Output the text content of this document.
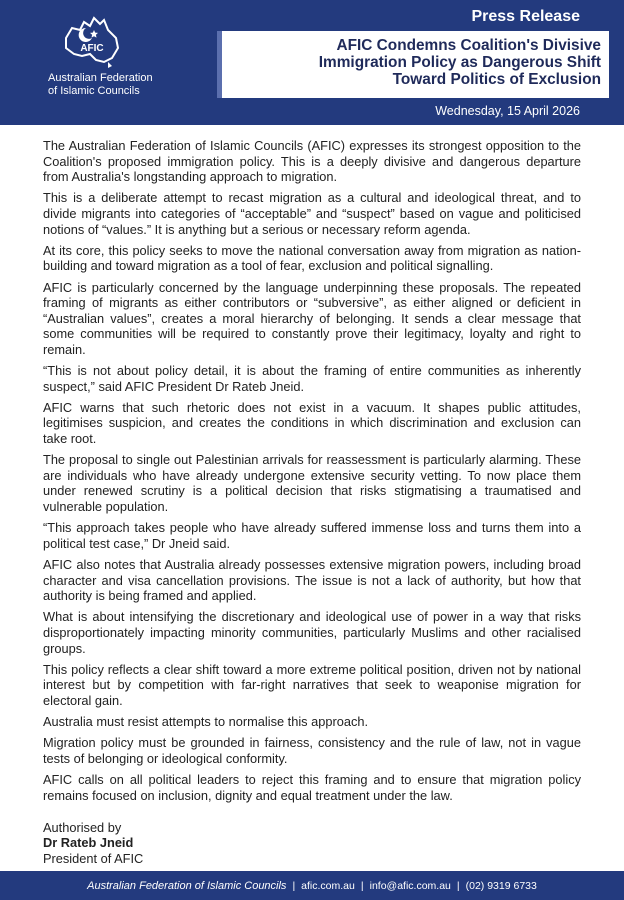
AFIC
Australian Federation
of Islamic Councils
Press Release
AFIC Condemns Coalition's Divisive
Immigration Policy as Dangerous Shift
Toward Politics of Exclusion
Wednesday, 15 April 2026

The Australian Federation of Islamic Councils (AFIC) expresses its strongest opposition to the Coalition's proposed immigration policy. This is a deeply divisive and dangerous departure from Australia's longstanding approach to migration.

This is a deliberate attempt to recast migration as a cultural and ideological threat, and to divide migrants into categories of “acceptable” and “suspect” based on vague and politicised notions of “values.” It is anything but a serious or necessary reform agenda.

At its core, this policy seeks to move the national conversation away from migration as nation-building and toward migration as a tool of fear, exclusion and political signalling.

AFIC is particularly concerned by the language underpinning these proposals. The repeated framing of migrants as either contributors or “subversive”, as either aligned or deficient in “Australian values”, creates a moral hierarchy of belonging. It sends a clear message that some communities will be required to constantly prove their legitimacy, loyalty and right to remain.

“This is not about policy detail, it is about the framing of entire communities as inherently suspect,” said AFIC President Dr Rateb Jneid.

AFIC warns that such rhetoric does not exist in a vacuum. It shapes public attitudes, legitimises suspicion, and creates the conditions in which discrimination and exclusion can take root.

The proposal to single out Palestinian arrivals for reassessment is particularly alarming. These are individuals who have already undergone extensive security vetting. To now place them under renewed scrutiny is a political decision that risks stigmatising a traumatised and vulnerable population.

“This approach takes people who have already suffered immense loss and turns them into a political test case,” Dr Jneid said.

AFIC also notes that Australia already possesses extensive migration powers, including broad character and visa cancellation provisions. The issue is not a lack of authority, but how that authority is being framed and applied.

What is about intensifying the discretionary and ideological use of power in a way that risks disproportionately impacting minority communities, particularly Muslims and other racialised groups.

This policy reflects a clear shift toward a more extreme political position, driven not by national interest but by competition with far-right narratives that seek to weaponise migration for electoral gain.

Australia must resist attempts to normalise this approach.

Migration policy must be grounded in fairness, consistency and the rule of law, not in vague tests of belonging or ideological conformity.

AFIC calls on all political leaders to reject this framing and to ensure that migration policy remains focused on inclusion, dignity and equal treatment under the law.

Authorised by
Dr Rateb Jneid
President of AFIC
Australian Federation of Islamic Councils | afic.com.au | info@afic.com.au | (02) 9319 6733
